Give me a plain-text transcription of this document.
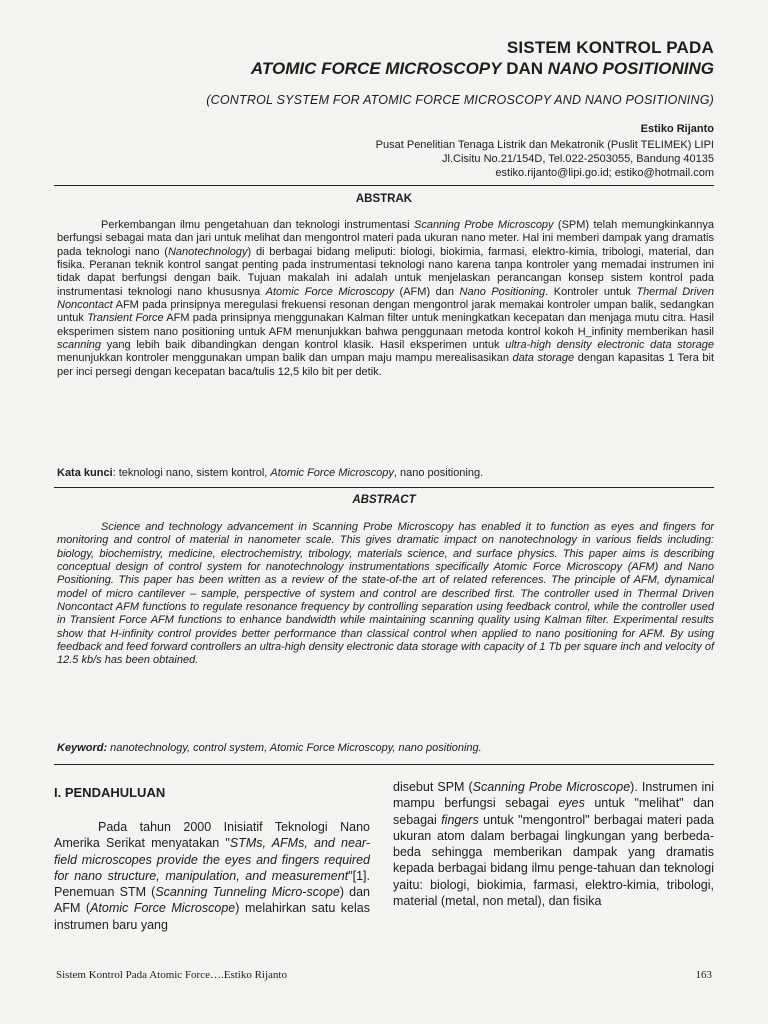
SISTEM KONTROL PADA
ATOMIC FORCE MICROSCOPY DAN NANO POSITIONING
(CONTROL SYSTEM FOR ATOMIC FORCE MICROSCOPY AND NANO POSITIONING)
Estiko Rijanto
Pusat Penelitian Tenaga Listrik dan Mekatronik (Puslit TELIMEK) LIPI
Jl.Cisitu No.21/154D, Tel.022-2503055, Bandung 40135
estiko.rijanto@lipi.go.id; estiko@hotmail.com
ABSTRAK

Perkembangan ilmu pengetahuan dan teknologi instrumentasi Scanning Probe Microscopy (SPM) telah memungkinkannya berfungsi sebagai mata dan jari untuk melihat dan mengontrol materi pada ukuran nano meter. Hal ini memberi dampak yang dramatis pada teknologi nano (Nanotechnology) di berbagai bidang meliputi: biologi, biokimia, farmasi, elektro-kimia, tribologi, material, dan fisika. Peranan teknik kontrol sangat penting pada instrumentasi teknologi nano karena tanpa kontroler yang memadai instrumen ini tidak dapat berfungsi dengan baik. Tujuan makalah ini adalah untuk menjelaskan perancangan konsep sistem kontrol pada instrumentasi teknologi nano khususnya Atomic Force Microscopy (AFM) dan Nano Positioning. Kontroler untuk Thermal Driven Noncontact AFM pada prinsipnya meregulasi frekuensi resonan dengan mengontrol jarak memakai kontroler umpan balik, sedangkan untuk Transient Force AFM pada prinsipnya menggunakan Kalman filter untuk meningkatkan kecepatan dan menjaga mutu citra. Hasil eksperimen sistem nano positioning untuk AFM menunjukkan bahwa penggunaan metoda kontrol kokoh H_infinity memberikan hasil scanning yang lebih baik dibandingkan dengan kontrol klasik. Hasil eksperimen untuk ultra-high density electronic data storage menunjukkan kontroler menggunakan umpan balik dan umpan maju mampu merealisasikan data storage dengan kapasitas 1 Tera bit per inci persegi dengan kecepatan baca/tulis 12,5 kilo bit per detik.

Kata kunci: teknologi nano, sistem kontrol, Atomic Force Microscopy, nano positioning.
ABSTRACT

Science and technology advancement in Scanning Probe Microscopy has enabled it to function as eyes and fingers for monitoring and control of material in nanometer scale. This gives dramatic impact on nanotechnology in various fields including: biology, biochemistry, medicine, electrochemistry, tribology, materials science, and surface physics. This paper aims is describing conceptual design of control system for nanotechnology instrumentations specifically Atomic Force Microscopy (AFM) and Nano Positioning. This paper has been written as a review of the state-of-the art of related references. The principle of AFM, dynamical model of micro cantilever – sample, perspective of system and control are described first. The controller used in Thermal Driven Noncontact AFM functions to regulate resonance frequency by controlling separation using feedback control, while the controller used in Transient Force AFM functions to enhance bandwidth while maintaining scanning quality using Kalman filter. Experimental results show that H-infinity control provides better performance than classical control when applied to nano positioning for AFM. By using feedback and feed forward controllers an ultra-high density electronic data storage with capacity of 1 Tb per square inch and velocity of 12.5 kb/s has been obtained.

Keyword: nanotechnology, control system, Atomic Force Microscopy, nano positioning.
I. PENDAHULUAN

Pada tahun 2000 Inisiatif Teknologi Nano Amerika Serikat menyatakan "STMs, AFMs, and near-field microscopes provide the eyes and fingers required for nano structure, manipulation, and measurement"[1]. Penemuan STM (Scanning Tunneling Micro-scope) dan AFM (Atomic Force Microscope) melahirkan satu kelas instrumen baru yang

disebut SPM (Scanning Probe Microscope). Instrumen ini mampu berfungsi sebagai eyes untuk "melihat" dan sebagai fingers untuk "mengontrol" berbagai materi pada ukuran atom dalam berbagai lingkungan yang berbeda-beda sehingga memberikan dampak yang dramatis kepada berbagai bidang ilmu penge-tahuan dan teknologi yaitu: biologi, biokimia, farmasi, elektro-kimia, tribologi, material (metal, non metal), dan fisika

Sistem Kontrol Pada Atomic Force….Estiko Rijanto	163
